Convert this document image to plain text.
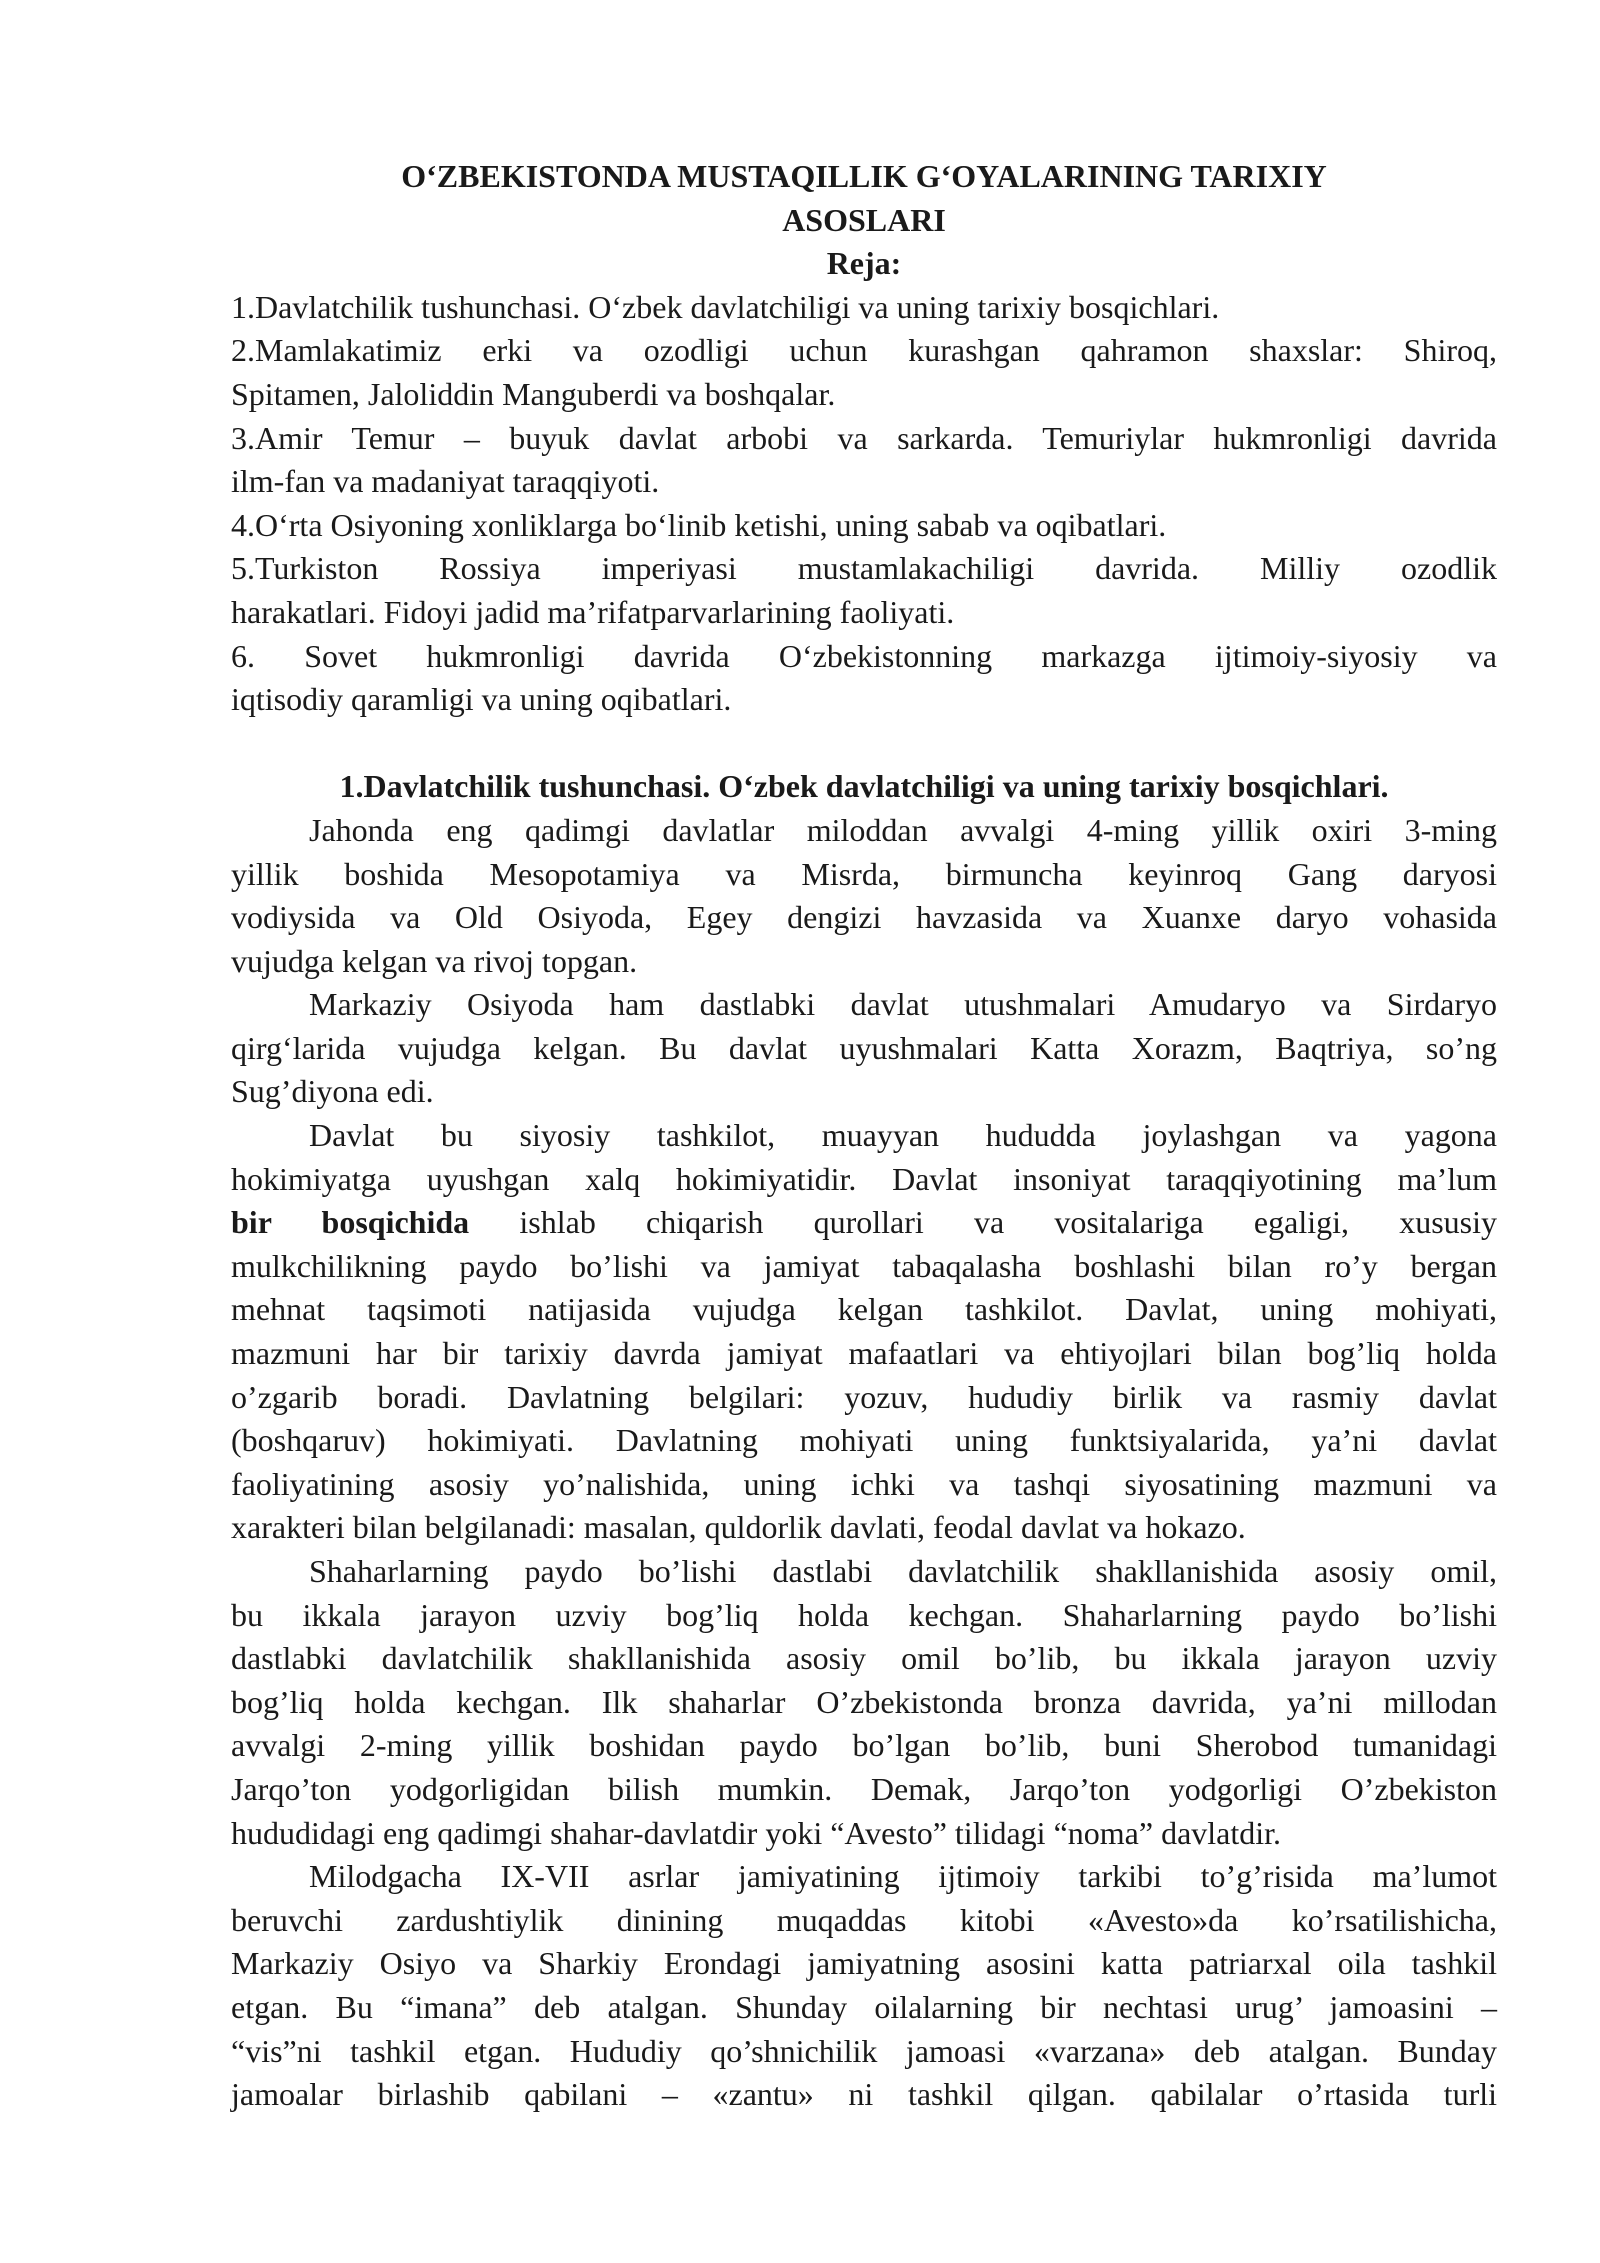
O‘ZBEKISTONDA MUSTAQILLIK G‘OYALARINING TARIXIY

ASOSLARI

Reja:

1.Davlatchilik tushunchasi. O‘zbek davlatchiligi va uning tarixiy bosqichlari.

2.Mamlakatimiz erki va ozodligi uchun kurashgan qahramon shaxslar: Shiroq,

Spitamen, Jaloliddin Manguberdi va boshqalar.

3.Amir Temur – buyuk davlat arbobi va sarkarda. Temuriylar hukmronligi davrida

ilm-fan va madaniyat taraqqiyoti.

4.O‘rta Osiyoning xonliklarga bo‘linib ketishi, uning sabab va oqibatlari.

5.Turkiston Rossiya imperiyasi mustamlakachiligi davrida. Milliy ozodlik

harakatlari. Fidoyi jadid ma’rifatparvarlarining faoliyati.

6. Sovet hukmronligi davrida O‘zbekistonning markazga ijtimoiy-siyosiy va

iqtisodiy qaramligi va uning oqibatlari.

1.Davlatchilik tushunchasi. O‘zbek davlatchiligi va uning tarixiy bosqichlari.

Jahonda eng qadimgi davlatlar miloddan avvalgi 4-ming yillik oxiri 3-ming

yillik boshida Mesopotamiya va Misrda, birmuncha keyinroq Gang daryosi

vodiysida va Old Osiyoda, Egey dengizi havzasida va Xuanxe daryo vohasida

vujudga kelgan va rivoj topgan.

Markaziy Osiyoda ham dastlabki davlat utushmalari Amudaryo va Sirdaryo

qirg‘larida vujudga kelgan. Bu davlat uyushmalari Katta Xorazm, Baqtriya, so’ng

Sug’diyona edi.

Davlat bu siyosiy tashkilot, muayyan hududda joylashgan va yagona

hokimiyatga uyushgan xalq hokimiyatidir. Davlat insoniyat taraqqiyotining ma’lum

bir bosqichida ishlab chiqarish qurollari va vositalariga egaligi, xususiy

mulkchilikning paydo bo’lishi va jamiyat tabaqalasha boshlashi bilan ro’y bergan

mehnat taqsimoti natijasida vujudga kelgan tashkilot. Davlat, uning mohiyati,

mazmuni har bir tarixiy davrda jamiyat mafaatlari va ehtiyojlari bilan bog’liq holda

o’zgarib boradi. Davlatning belgilari: yozuv, hududiy birlik va rasmiy davlat

(boshqaruv) hokimiyati. Davlatning mohiyati uning funktsiyalarida, ya’ni davlat

faoliyatining asosiy yo’nalishida, uning ichki va tashqi siyosatining mazmuni va

xarakteri bilan belgilanadi: masalan, quldorlik davlati, feodal davlat va hokazo.

Shaharlarning paydo bo’lishi dastlabi davlatchilik shakllanishida asosiy omil,

bu ikkala jarayon uzviy bog’liq holda kechgan. Shaharlarning paydo bo’lishi

dastlabki davlatchilik shakllanishida asosiy omil bo’lib, bu ikkala jarayon uzviy

bog’liq holda kechgan. Ilk shaharlar O’zbekistonda bronza davrida, ya’ni millodan

avvalgi 2-ming yillik boshidan paydo bo’lgan bo’lib, buni Sherobod tumanidagi

Jarqo’ton yodgorligidan bilish mumkin. Demak, Jarqo’ton yodgorligi O’zbekiston

hududidagi eng qadimgi shahar-davlatdir yoki “Avesto” tilidagi “noma” davlatdir.

Milodgacha IX-VII asrlar jamiyatining ijtimoiy tarkibi to’g’risida ma’lumot

beruvchi zardushtiylik dinining muqaddas kitobi «Avesto»da ko’rsatilishicha,

Markaziy Osiyo va Sharkiy Erondagi jamiyatning asosini katta patriarxal oila tashkil

etgan. Bu “imana” deb atalgan. Shunday oilalarning bir nechtasi urug’ jamoasini –

“vis”ni tashkil etgan. Hududiy qo’shnichilik jamoasi «varzana» deb atalgan. Bunday

jamoalar birlashib qabilani – «zantu» ni tashkil qilgan. qabilalar o’rtasida turli
